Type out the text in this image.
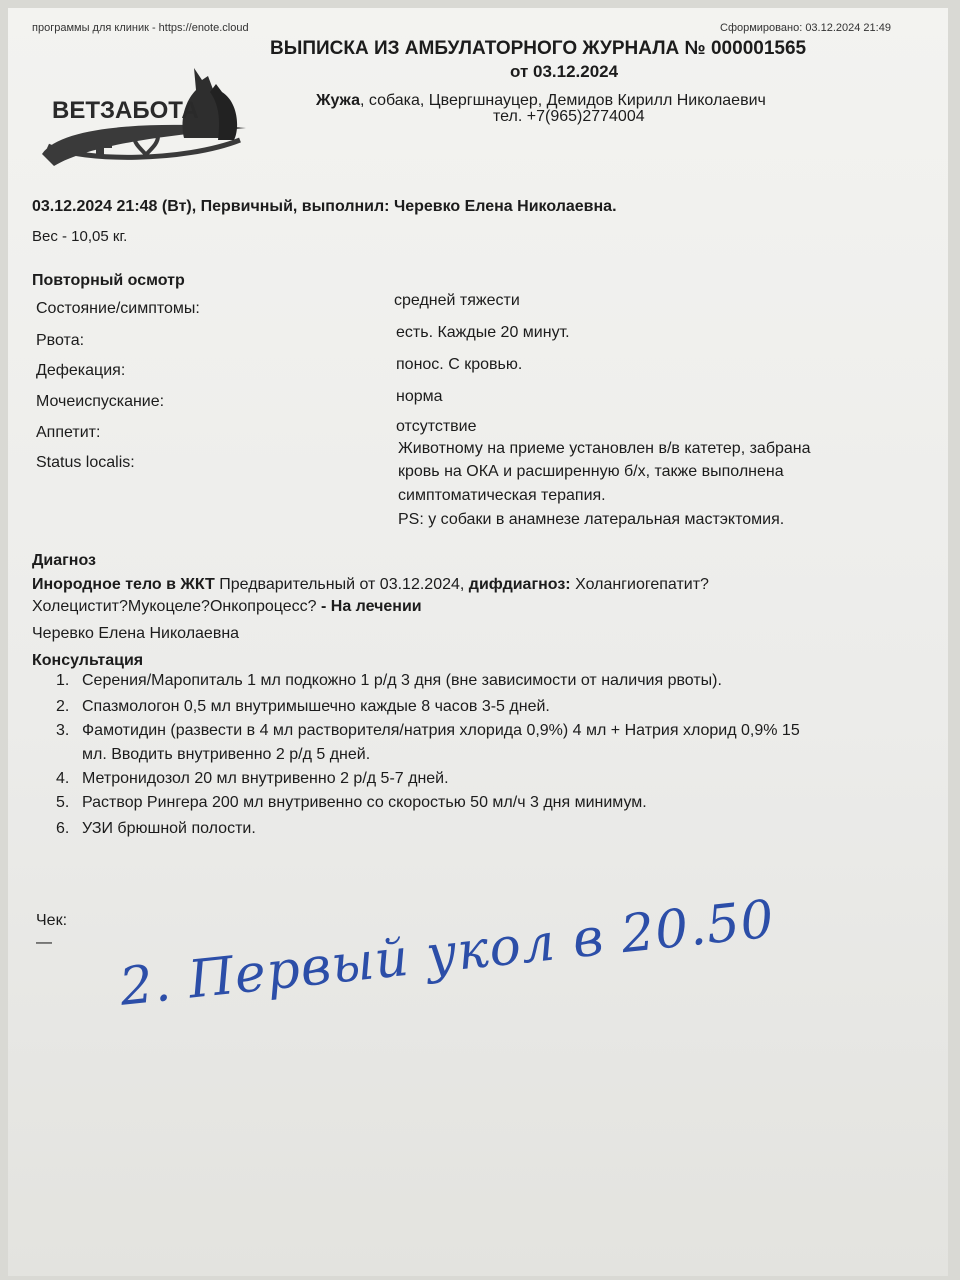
программы для клиник - https://enote.cloud	Сформировано: 03.12.2024 21:49
ВЕТЗАБОТА
ВЫПИСКА ИЗ АМБУЛАТОРНОГО ЖУРНАЛА № 000001565
от 03.12.2024
Жужа, собака, Цвергшнауцер, Демидов Кирилл Николаевич
тел. +7(965)2774004
03.12.2024 21:48 (Вт), Первичный, выполнил: Черевко Елена Николаевна.
Вес - 10,05 кг.
Повторный осмотр
Состояние/симптомы:	средней тяжести
Рвота:	есть. Каждые 20 минут.
Дефекация:	понос. С кровью.
Мочеиспускание:	норма
Аппетит:	отсутствие
Status localis:
Животному на приеме установлен в/в катетер, забрана
кровь на ОКА и расширенную б/х, также выполнена
симптоматическая терапия.
PS: у собаки в анамнезе латеральная мастэктомия.
Диагноз
Инородное тело в ЖКТ Предварительный от 03.12.2024, дифдиагноз: Холангиогепатит?
Холецистит?Мукоцеле?Онкопроцесс? - На лечении
Черевко Елена Николаевна
Консультация
1. Серения/Маропиталь 1 мл подкожно 1 р/д 3 дня (вне зависимости от наличия рвоты).
2. Спазмологон 0,5 мл внутримышечно каждые 8 часов 3-5 дней.
3. Фамотидин (развести в 4 мл растворителя/натрия хлорида 0,9%) 4 мл + Натрия хлорид 0,9% 15
мл. Вводить внутривенно 2 р/д 5 дней.
4. Метронидозол 20 мл внутривенно 2 р/д 5-7 дней.
5. Раствор Рингера 200 мл внутривенно со скоростью 50 мл/ч 3 дня минимум.
6. УЗИ брюшной полости.
Чек:
— 2. Первый укол в 20.50
